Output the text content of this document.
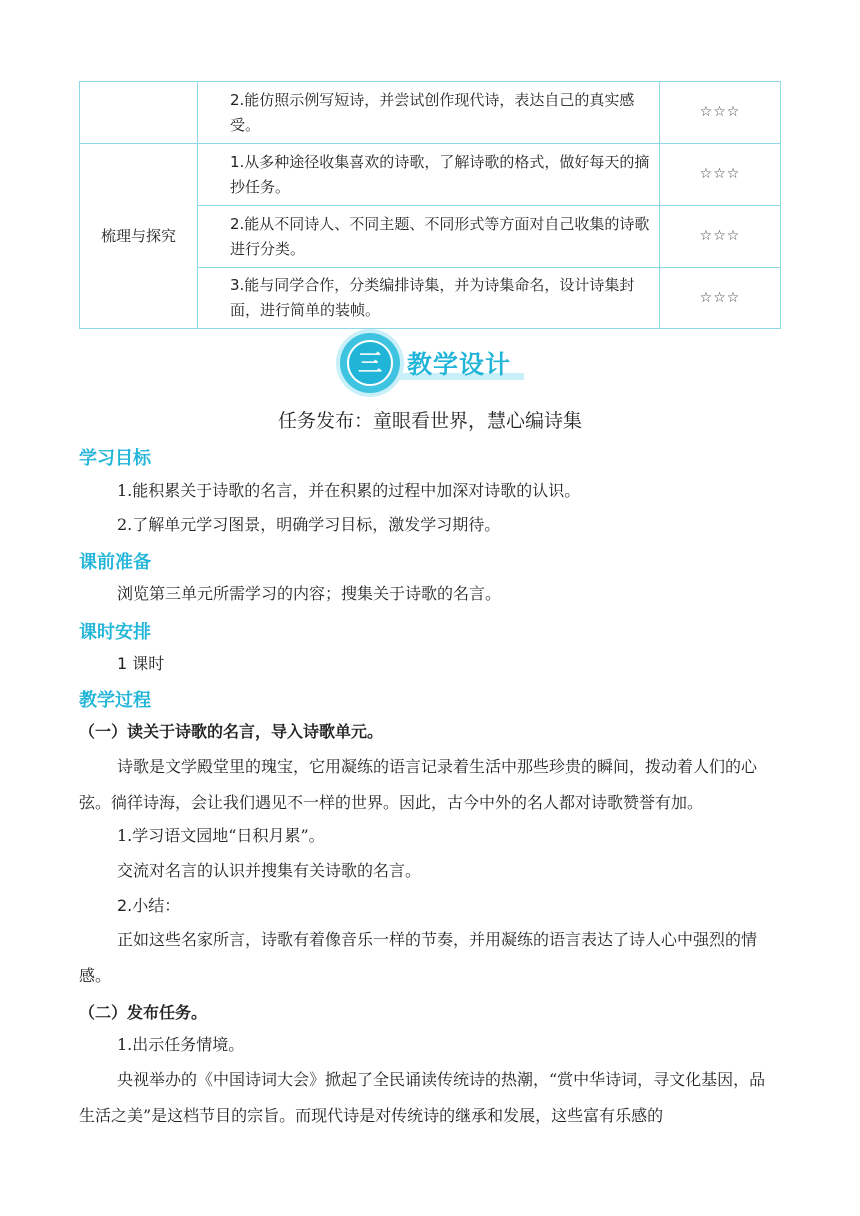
	2.能仿照示例写短诗，并尝试创作现代诗，表达自己的真实感受。	☆☆☆
梳理与探究	1.从多种途径收集喜欢的诗歌，了解诗歌的格式，做好每天的摘抄任务。	☆☆☆

	2.能从不同诗人、不同主题、不同形式等方面对自己收集的诗歌进行分类。	☆☆☆

	3.能与同学合作，分类编排诗集，并为诗集命名，设计诗集封面，进行简单的装帧。	☆☆☆
三	教学设计
任务发布：童眼看世界，慧心编诗集
学习目标
1.能积累关于诗歌的名言，并在积累的过程中加深对诗歌的认识。
2.了解单元学习图景，明确学习目标，激发学习期待。
课前准备
浏览第三单元所需学习的内容；搜集关于诗歌的名言。
课时安排
1 课时
教学过程
（一）读关于诗歌的名言，导入诗歌单元。
诗歌是文学殿堂里的瑰宝，它用凝练的语言记录着生活中那些珍贵的瞬间，拨动着人们的心弦。徜徉诗海，会让我们遇见不一样的世界。因此，古今中外的名人都对诗歌赞誉有加。
1.学习语文园地“日积月累”。
交流对名言的认识并搜集有关诗歌的名言。
2.小结：
正如这些名家所言，诗歌有着像音乐一样的节奏，并用凝练的语言表达了诗人心中强烈的情感。
（二）发布任务。
1.出示任务情境。
央视举办的《中国诗词大会》掀起了全民诵读传统诗的热潮，“赏中华诗词，寻文化基因，品生活之美”是这档节目的宗旨。而现代诗是对传统诗的继承和发展，这些富有乐感的
